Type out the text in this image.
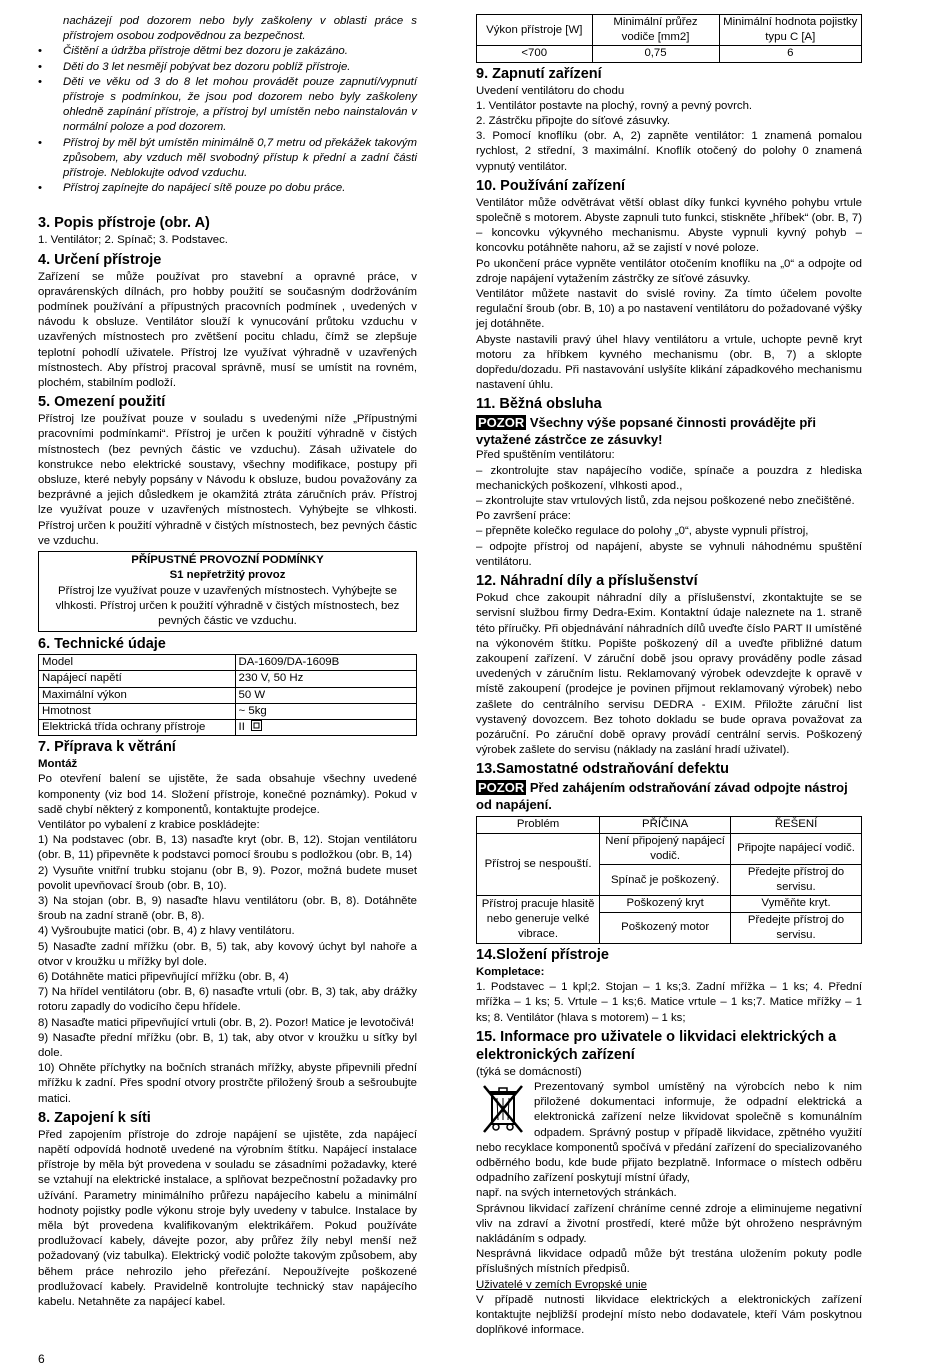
nacházejí pod dozorem nebo byly zaškoleny v oblasti práce s přístrojem osobou zodpovědnou za bezpečnost.

• Čištění a údržba přístroje dětmi bez dozoru je zakázáno.
• Děti do 3 let nesmějí pobývat bez dozoru poblíž přístroje.
• Děti ve věku od 3 do 8 let mohou provádět pouze zapnutí/vypnutí přístroje s podmínkou, že jsou pod dozorem nebo byly zaškoleny ohledně zapínání přístroje, a přístroj byl umístěn nebo nainstalován v normální poloze a pod dozorem.
• Přístroj by měl být umístěn minimálně 0,7 metru od překážek takovým způsobem, aby vzduch měl svobodný přístup k přední a zadní části přístroje. Neblokujte odvod vzduchu.
• Přístroj zapínejte do napájecí sítě pouze po dobu práce.
3. Popis přístroje (obr. A)

1. Ventilátor; 2. Spínač; 3. Podstavec.

4. Určení přístroje

Zařízení se může používat pro stavební a opravné práce, v opravárenských dílnách, pro hobby použití se současným dodržováním podmínek používání a přípustných pracovních podmínek , uvedených v návodu k obsluze. Ventilátor slouží k vynucování průtoku vzduchu v uzavřených místnostech pro zvětšení pocitu chladu, čímž se zlepšuje teplotní pohodlí uživatele. Přístroj lze využívat výhradně v uzavřených místnostech. Aby přístroj pracoval správně, musí se umístit na rovném, plochém, stabilním podloží.

5. Omezení použití

Přístroj lze používat pouze v souladu s uvedenými níže „Přípustnými pracovními podmínkami“. Přístroj je určen k použití výhradně v čistých místnostech (bez pevných částic ve vzduchu). Zásah uživatele do konstrukce nebo elektrické soustavy, všechny modifikace, postupy při obsluze, které nebyly popsány v Návodu k obsluze, budou považovány za bezprávné a jejich důsledkem je okamžitá ztráta záručních práv. Přístroj lze využívat pouze v uzavřených místnostech. Vyhýbejte se vlhkosti. Přístroj určen k použití výhradně v čistých místnostech, bez pevných částic ve vzduchu.

PŘÍPUSTNÉ PROVOZNÍ PODMÍNKY
S1 nepřetržitý provoz
Přístroj lze využívat pouze v uzavřených místnostech. Vyhýbejte se vlhkosti. Přístroj určen k použití výhradně v čistých místnostech, bez pevných částic ve vzduchu.
6. Technické údaje
Model	DA-1609/DA-1609B
Napájecí napětí	230 V, 50 Hz
Maximální výkon	50 W
Hmotnost	~ 5kg
Elektrická třída ochrany přístroje	II
7. Příprava k větrání
Montáž

Po otevření balení se ujistěte, že sada obsahuje všechny uvedené komponenty (viz bod 14. Složení přístroje, konečné poznámky). Pokud v sadě chybí některý z komponentů, kontaktujte prodejce.

Ventilátor po vybalení z krabice poskládejte:

1) Na podstavec (obr. B, 13) nasaďte kryt (obr. B, 12). Stojan ventilátoru (obr. B, 11) připevněte k podstavci pomocí šroubu s podložkou (obr. B, 14)

2) Vysuňte vnitřní trubku stojanu (obr B, 9). Pozor, možná budete muset povolit upevňovací šroub (obr. B, 10).

3) Na stojan (obr. B, 9) nasaďte hlavu ventilátoru (obr. B, 8). Dotáhněte šroub na zadní straně (obr. B, 8).

4) Vyšroubujte matici (obr. B, 4) z hlavy ventilátoru.

5) Nasaďte zadní mřížku (obr. B, 5) tak, aby kovový úchyt byl nahoře a otvor v kroužku u mřížky byl dole.

6) Dotáhněte matici připevňující mřížku (obr. B, 4)

7) Na hřídel ventilátoru (obr. B, 6) nasaďte vrtuli (obr. B, 3) tak, aby drážky rotoru zapadly do vodicího čepu hřídele.

8) Nasaďte matici připevňující vrtuli (obr. B, 2). Pozor! Matice je levotočivá!

9) Nasaďte přední mřížku (obr. B, 1) tak, aby otvor v kroužku u síťky byl dole.

10) Ohněte příchytky na bočních stranách mřížky, abyste připevnili přední mřížku k zadní. Přes spodní otvory prostrčte přiložený šroub a sešroubujte matici.

8. Zapojení k síti

Před zapojením přístroje do zdroje napájení se ujistěte, zda napájecí napětí odpovídá hodnotě uvedené na výrobním štítku. Napájecí instalace přístroje by měla být provedena v souladu se zásadními požadavky, které se vztahují na elektrické instalace, a splňovat bezpečnostní požadavky pro užívání. Parametry minimálního průřezu napájecího kabelu a minimální hodnoty pojistky podle výkonu stroje byly uvedeny v tabulce. Instalace by měla být provedena kvalifikovaným elektrikářem. Pokud používáte prodlužovací kabely, dávejte pozor, aby průřez žíly nebyl menší než požadovaný (viz tabulka). Elektrický vodič položte takovým způsobem, aby během práce nehrozilo jeho přeřezání. Nepoužívejte poškozené prodlužovací kabely. Pravidelně kontrolujte technický stav napájecího kabelu. Netahněte za napájecí kabel.

Výkon přístroje [W]	Minimální průřez vodiče [mm2]	Minimální hodnota pojistky typu C [A]
<700	0,75	6
9. Zapnutí zařízení

Uvedení ventilátoru do chodu

1. Ventilátor postavte na plochý, rovný a pevný povrch.

2. Zástrčku připojte do síťové zásuvky.

3. Pomocí knoflíku (obr. A, 2) zapněte ventilátor: 1 znamená pomalou rychlost, 2 střední, 3 maximální. Knoflík otočený do polohy 0 znamená vypnutý ventilátor.

10. Používání zařízení

Ventilátor může odvětrávat větší oblast díky funkci kyvného pohybu vrtule společně s motorem. Abyste zapnuli tuto funkci, stiskněte „hříbek“ (obr. B, 7) – koncovku výkyvného mechanismu. Abyste vypnuli kyvný pohyb – koncovku potáhněte nahoru, až se zajistí v nové poloze.

Po ukončení práce vypněte ventilátor otočením knoflíku na „0“ a odpojte od zdroje napájení vytažením zástrčky ze síťové zásuvky.

Ventilátor můžete nastavit do svislé roviny. Za tímto účelem povolte regulační šroub (obr. B, 10) a po nastavení ventilátoru do požadované výšky jej dotáhněte.

Abyste nastavili pravý úhel hlavy ventilátoru a vrtule, uchopte pevně kryt motoru za hříbkem kyvného mechanismu (obr. B, 7) a sklopte dopředu/dozadu. Při nastavování uslyšíte klikání západkového mechanismu nastavení úhlu.

11. Běžná obsluha
POZOR Všechny výše popsané činnosti provádějte při vytažené zástrčce ze zásuvky!

Před spuštěním ventilátoru:

– zkontrolujte stav napájecího vodiče, spínače a pouzdra z hlediska mechanických poškození, vlhkosti apod.,

– zkontrolujte stav vrtulových listů, zda nejsou poškozené nebo znečištěné.

Po završení práce:

– přepněte kolečko regulace do polohy „0“, abyste vypnuli přístroj,

– odpojte přístroj od napájení, abyste se vyhnuli náhodnému spuštění ventilátoru.

12. Náhradní díly a příslušenství

Pokud chce zakoupit náhradní díly a příslušenství, zkontaktujte se se servisní službou firmy Dedra-Exim. Kontaktní údaje naleznete na 1. straně této příručky. Při objednávání náhradních dílů uveďte číslo PART II umístěné na výkonovém štítku. Popište poškozený díl a uveďte přibližné datum zakoupení zařízení. V záruční době jsou opravy prováděny podle zásad uvedených v záručním listu. Reklamovaný výrobek odevzdejte k opravě v místě zakoupení (prodejce je povinen přijmout reklamovaný výrobek) nebo zašlete do centrálního servisu DEDRA - EXIM. Přiložte záruční list vystavený dovozcem. Bez tohoto dokladu se bude oprava považovat za pozáruční. Po záruční době opravy provádí centrální servis. Poškozený výrobek zašlete do servisu (náklady na zaslání hradí uživatel).

13.Samostatné odstraňování defektu
POZOR Před zahájením odstraňování závad odpojte nástroj od napájení.
Problém	PŘÍČINA	ŘEŠENÍ
Přístroj se nespouští.	Není připojený napájecí vodič.	Připojte napájecí vodič.
	Spínač je poškozený.	Předejte přístroj do servisu.
Přístroj pracuje hlasitě nebo generuje velké vibrace.	Poškozený kryt	Vyměňte kryt.
	Poškozený motor	Předejte přístroj do servisu.
14.Složení přístroje
Kompletace:

1. Podstavec – 1 kpl;2. Stojan – 1 ks;3. Zadní mřížka – 1 ks; 4. Přední mřížka – 1 ks; 5. Vrtule – 1 ks;6. Matice vrtule – 1 ks;7. Matice mřížky – 1 ks; 8. Ventilátor (hlava s motorem) – 1 ks;

15. Informace pro uživatele o likvidaci elektrických a elektronických zařízení

(týká se domácností)

Prezentovaný symbol umístěný na výrobcích nebo k nim přiložené dokumentaci informuje, že odpadní elektrická a elektronická zařízení nelze likvidovat společně s komunálním odpadem. Správný postup v případě likvidace, zpětného využití nebo recyklace komponentů spočívá v předání zařízení do specializovaného odběrného bodu, kde bude přijato bezplatně. Informace o místech odběru odpadního zařízení poskytují místní úřady,

např. na svých internetových stránkách.

Správnou likvidací zařízení chráníme cenné zdroje a eliminujeme negativní vliv na zdraví a životní prostředí, které může být ohroženo nesprávným nakládáním s odpady.

Nesprávná likvidace odpadů může být trestána uložením pokuty podle příslušných místních předpisů.

Uživatelé v zemích Evropské unie

V případě nutnosti likvidace elektrických a elektronických zařízení kontaktujte nejbližší prodejní místo nebo dodavatele, kteří Vám poskytnou doplňkové informace.

6
